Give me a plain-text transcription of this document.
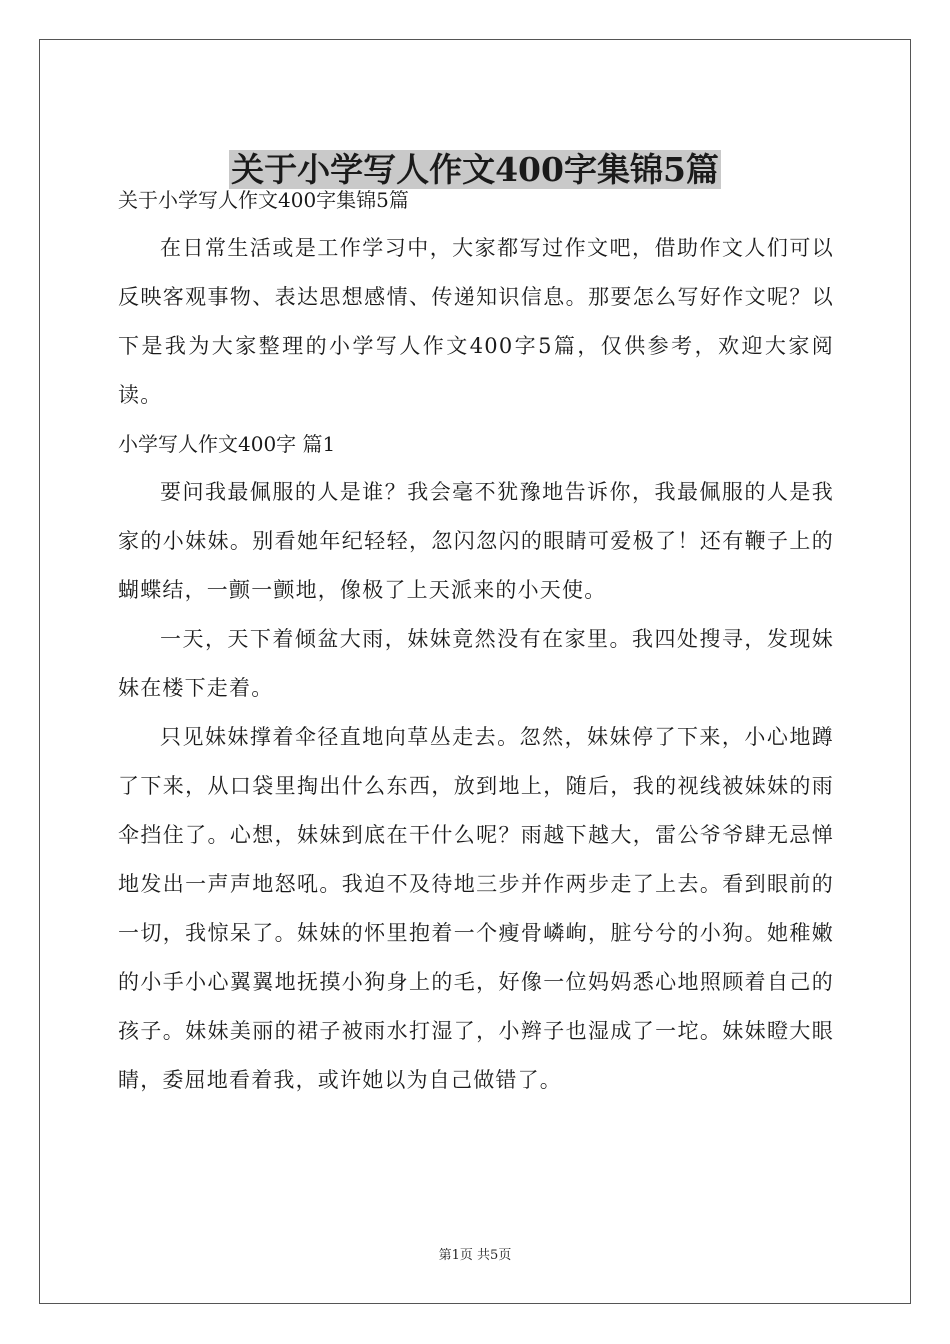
关于小学写人作文400字集锦5篇

关于小学写人作文400字集锦5篇

在日常生活或是工作学习中，大家都写过作文吧，借助作文人们可以反映客观事物、表达思想感情、传递知识信息。那要怎么写好作文呢？以下是我为大家整理的小学写人作文400字5篇，仅供参考，欢迎大家阅读。

小学写人作文400字 篇1

要问我最佩服的人是谁？我会毫不犹豫地告诉你，我最佩服的人是我家的小妹妹。别看她年纪轻轻，忽闪忽闪的眼睛可爱极了！还有鞭子上的蝴蝶结，一颤一颤地，像极了上天派来的小天使。

一天，天下着倾盆大雨，妹妹竟然没有在家里。我四处搜寻，发现妹妹在楼下走着。

只见妹妹撑着伞径直地向草丛走去。忽然，妹妹停了下来，小心地蹲了下来，从口袋里掏出什么东西，放到地上，随后，我的视线被妹妹的雨伞挡住了。心想，妹妹到底在干什么呢？雨越下越大，雷公爷爷肆无忌惮地发出一声声地怒吼。我迫不及待地三步并作两步走了上去。看到眼前的一切，我惊呆了。妹妹的怀里抱着一个瘦骨嶙峋，脏兮兮的小狗。她稚嫩的小手小心翼翼地抚摸小狗身上的毛，好像一位妈妈悉心地照顾着自己的孩子。妹妹美丽的裙子被雨水打湿了，小辫子也湿成了一坨。妹妹瞪大眼睛，委屈地看着我，或许她以为自己做错了。

第1页 共5页
